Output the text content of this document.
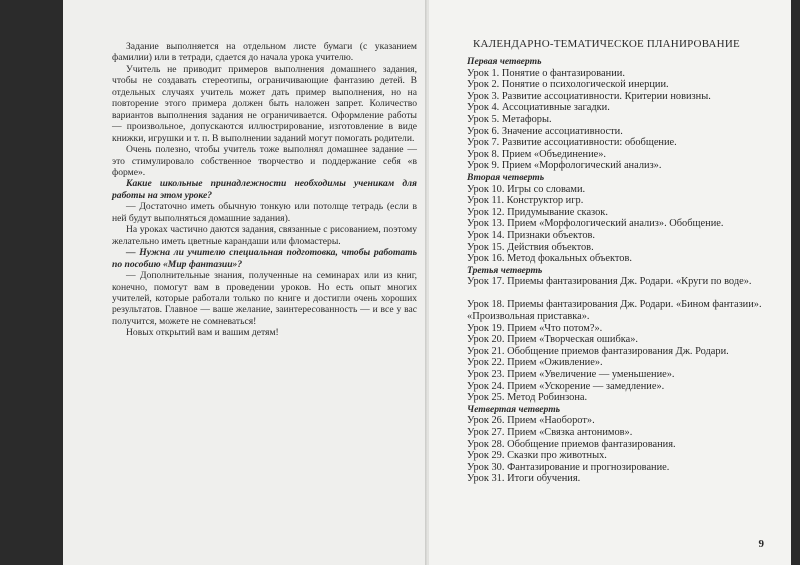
Задание выполняется на отдельном листе бумаги (с указанием фамилии) или в тетради, сдается до начала урока учителю.

Учитель не приводит примеров выполнения домашнего задания, чтобы не создавать стереотипы, ограничивающие фантазию детей. В отдельных случаях учитель может дать пример выполнения, но на повторение этого примера должен быть наложен запрет. Количество вариантов выполнения задания не ограничивается. Оформление работы — произвольное, допускаются иллюстрирование, изготовление в виде книжки, игрушки и т. п. В выполнении заданий могут помогать родители.

Очень полезно, чтобы учитель тоже выполнял домашнее задание — это стимулировало собственное творчество и поддержание себя «в форме».

Какие школьные принадлежности необходимы ученикам для работы на этом уроке?

— Достаточно иметь обычную тонкую или потолще тетрадь (если в ней будут выполняться домашние задания).

На уроках частично даются задания, связанные с рисованием, поэтому желательно иметь цветные карандаши или фломастеры.

— Нужна ли учителю специальная подготовка, чтобы работать по пособию «Мир фантазии»?

— Дополнительные знания, полученные на семинарах или из книг, конечно, помогут вам в проведении уроков. Но есть опыт многих учителей, которые работали только по книге и достигли очень хороших результатов. Главное — ваше желание, заинтересованность — и все у вас получится, можете не сомневаться!

Новых открытий вам и вашим детям!

КАЛЕНДАРНО-ТЕМАТИЧЕСКОЕ ПЛАНИРОВАНИЕ
Первая четверть
Урок 1. Понятие о фантазировании.
Урок 2. Понятие о психологической инерции.
Урок 3. Развитие ассоциативности. Критерии новизны.
Урок 4. Ассоциативные загадки.
Урок 5. Метафоры.
Урок 6. Значение ассоциативности.
Урок 7. Развитие ассоциативности: обобщение.
Урок 8. Прием «Объединение».
Урок 9. Прием «Морфологический анализ».
Вторая четверть
Урок 10. Игры со словами.
Урок 11. Конструктор игр.
Урок 12. Придумывание сказок.
Урок 13. Прием «Морфологический анализ». Обобщение.
Урок 14. Признаки объектов.
Урок 15. Действия объектов.
Урок 16. Метод фокальных объектов.
Третья четверть
Урок 17. Приемы фантазирования Дж. Родари. «Круги по воде».
Урок 18. Приемы фантазирования Дж. Родари. «Бином фантазии». «Произвольная приставка».
Урок 19. Прием «Что потом?».
Урок 20. Прием «Творческая ошибка».
Урок 21. Обобщение приемов фантазирования Дж. Родари.
Урок 22. Прием «Оживление».
Урок 23. Прием «Увеличение — уменьшение».
Урок 24. Прием «Ускорение — замедление».
Урок 25. Метод Робинзона.
Четвертая четверть
Урок 26. Прием «Наоборот».
Урок 27. Прием «Связка антонимов».
Урок 28. Обобщение приемов фантазирования.
Урок 29. Сказки про животных.
Урок 30. Фантазирование и прогнозирование.
Урок 31. Итоги обучения.
9
